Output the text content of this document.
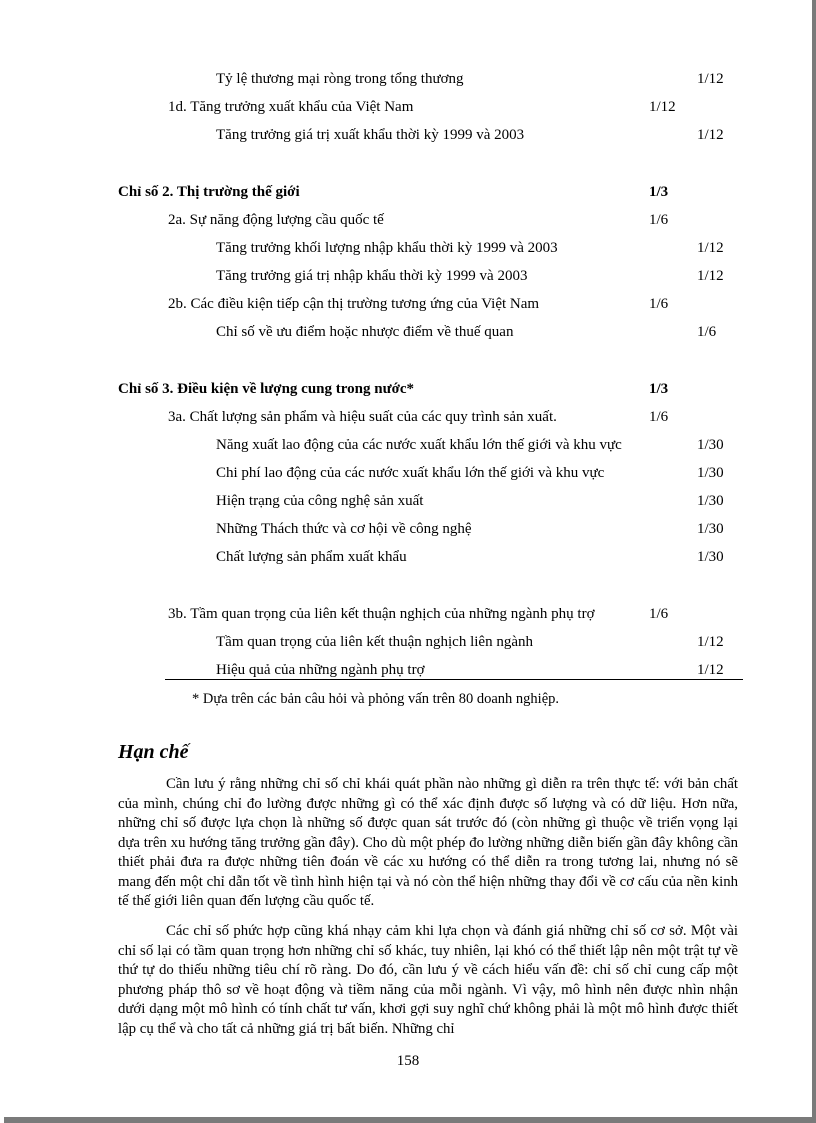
Tỷ lệ thương mại ròng trong tổng thương	1/12
1d. Tăng trưởng xuất khẩu của Việt Nam	1/12
Tăng trưởng giá trị xuất khẩu thời kỳ 1999 và 2003	1/12
Chỉ số 2. Thị trường thế giới	1/3
2a. Sự năng động lượng cầu quốc tế	1/6
Tăng trưởng khối lượng nhập khẩu thời kỳ 1999 và 2003	1/12
Tăng trưởng giá trị nhập khẩu thời kỳ 1999 và 2003	1/12
2b. Các điều kiện tiếp cận thị trường tương ứng của Việt Nam	1/6
Chỉ số về ưu điểm hoặc nhược điểm về thuế quan	1/6
Chỉ số 3. Điều kiện về lượng cung trong nước*	1/3
3a. Chất lượng sản phẩm và hiệu suất của các quy trình sản xuất.	1/6
Năng xuất lao động của các nước xuất khẩu lớn thế giới và khu vực	1/30
Chi phí lao động của các nước xuất khẩu lớn thế giới và khu vực	1/30
Hiện trạng của công nghệ sản xuất	1/30
Những Thách thức và cơ hội về công nghệ	1/30
Chất lượng sản phẩm xuất khẩu	1/30
3b. Tầm quan trọng của liên kết thuận nghịch của những ngành phụ trợ	1/6
Tầm quan trọng của liên kết thuận nghịch liên ngành	1/12
Hiệu quả của những ngành phụ trợ	1/12
* Dựa trên các bản câu hỏi và phỏng vấn trên 80 doanh nghiệp.
Hạn chế

Cần lưu ý rằng những chỉ số chỉ khái quát phần nào những gì diễn ra trên thực tế: với bản chất của mình, chúng chỉ đo lường được những gì có thể xác định được số lượng và có dữ liệu. Hơn nữa, những chỉ số được lựa chọn là những số được quan sát trước đó (còn những gì thuộc về triển vọng lại dựa trên xu hướng tăng trưởng gần đây). Cho dù một phép đo lường những diễn biến gần đây không cần thiết phải đưa ra được những tiên đoán về các xu hướng có thể diễn ra trong tương lai, nhưng nó sẽ mang đến một chỉ dẫn tốt về tình hình hiện tại và nó còn thể hiện những thay đổi về cơ cấu của nền kinh tế thế giới liên quan đến lượng cầu quốc tế.

Các chỉ số phức hợp cũng khá nhạy cảm khi lựa chọn và đánh giá những chỉ số cơ sở. Một vài chỉ số lại có tầm quan trọng hơn những chỉ số khác, tuy nhiên, lại khó có thể thiết lập nên một trật tự về thứ tự do thiếu những tiêu chí rõ ràng. Do đó, cần lưu ý về cách hiểu vấn đề: chỉ số chỉ cung cấp một phương pháp thô sơ về hoạt động và tiềm năng của mỗi ngành. Vì vậy, mô hình nên được nhìn nhận dưới dạng một mô hình có tính chất tư vấn, khơi gợi suy nghĩ chứ không phải là một mô hình được thiết lập cụ thể và cho tất cả những giá trị bất biến. Những chỉ

158
